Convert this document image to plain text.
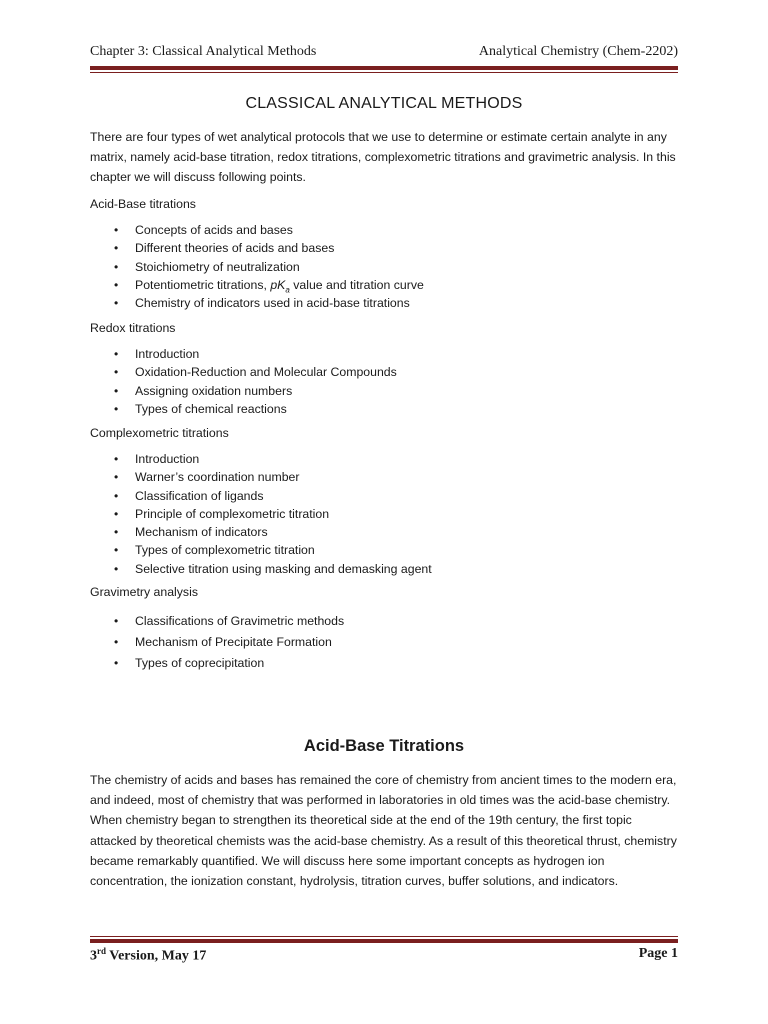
Chapter 3: Classical Analytical Methods	Analytical Chemistry (Chem-2202)
CLASSICAL ANALYTICAL METHODS
There are four types of wet analytical protocols that we use to determine or estimate certain analyte in any matrix, namely acid-base titration, redox titrations, complexometric titrations and gravimetric analysis. In this chapter we will discuss following points.
Acid-Base titrations
• Concepts of acids and bases
• Different theories of acids and bases
• Stoichiometry of neutralization
• Potentiometric titrations, $pK_a$ value and titration curve
• Chemistry of indicators used in acid-base titrations
Redox titrations
• Introduction
• Oxidation-Reduction and Molecular Compounds
• Assigning oxidation numbers
• Types of chemical reactions
Complexometric titrations
• Introduction
• Warner’s coordination number
• Classification of ligands
• Principle of complexometric titration
• Mechanism of indicators
• Types of complexometric titration
• Selective titration using masking and demasking agent
Gravimetry analysis
• Classifications of Gravimetric methods
• Mechanism of Precipitate Formation
• Types of coprecipitation
Acid-Base Titrations
The chemistry of acids and bases has remained the core of chemistry from ancient times to the modern era, and indeed, most of chemistry that was performed in laboratories in old times was the acid-base chemistry. When chemistry began to strengthen its theoretical side at the end of the 19th century, the first topic attacked by theoretical chemists was the acid-base chemistry. As a result of this theoretical thrust, chemistry became remarkably quantified. We will discuss here some important concepts as hydrogen ion concentration, the ionization constant, hydrolysis, titration curves, buffer solutions, and indicators.
3rd Version, May 17	Page 1
